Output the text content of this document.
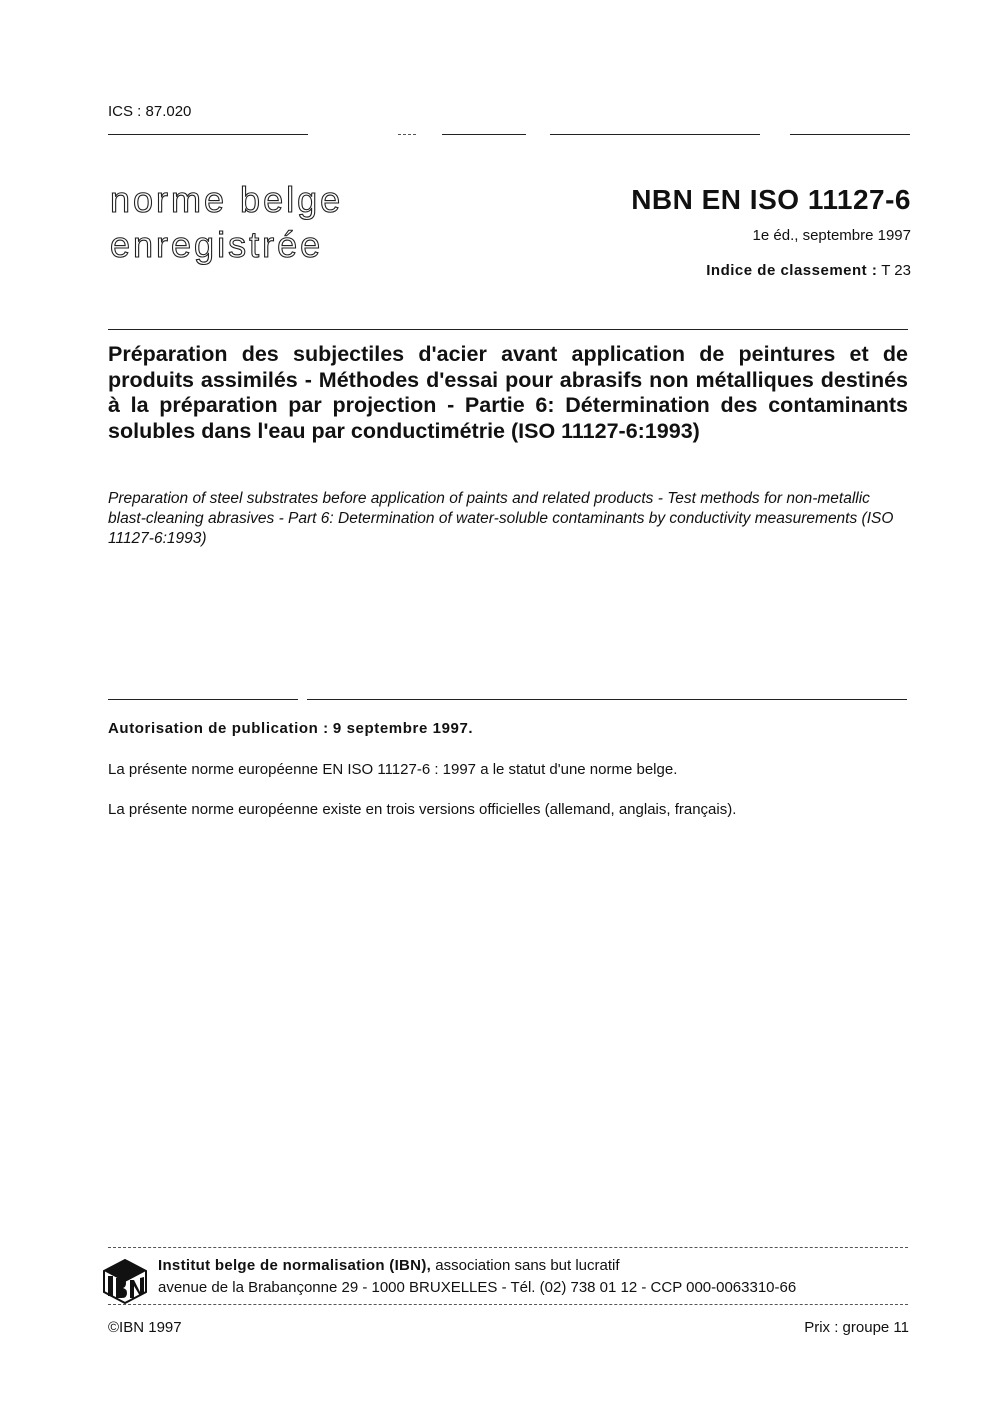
ICS : 87.020
norme belge
enregistrée
NBN EN ISO 11127-6
1e éd., septembre 1997
Indice de classement : T 23
Préparation des subjectiles d'acier avant application de peintures et de produits assimilés - Méthodes d'essai pour abrasifs non métalliques destinés à la préparation par projection - Partie 6: Détermination des contaminants solubles dans l'eau par conductimétrie (ISO 11127-6:1993)
Preparation of steel substrates before application of paints and related products - Test methods for non-metallic blast-cleaning abrasives - Part 6: Determination of water-soluble contaminants by conductivity measurements (ISO 11127-6:1993)
Autorisation de publication : 9 septembre 1997.
La présente norme européenne EN ISO 11127-6 : 1997 a le statut d'une norme belge.
La présente norme européenne existe en trois versions officielles (allemand, anglais, français).
Institut belge de normalisation (IBN), association sans but lucratif
avenue de la Brabançonne 29 - 1000 BRUXELLES - Tél. (02) 738 01 12 - CCP 000-0063310-66
©IBN 1997	Prix : groupe 11
